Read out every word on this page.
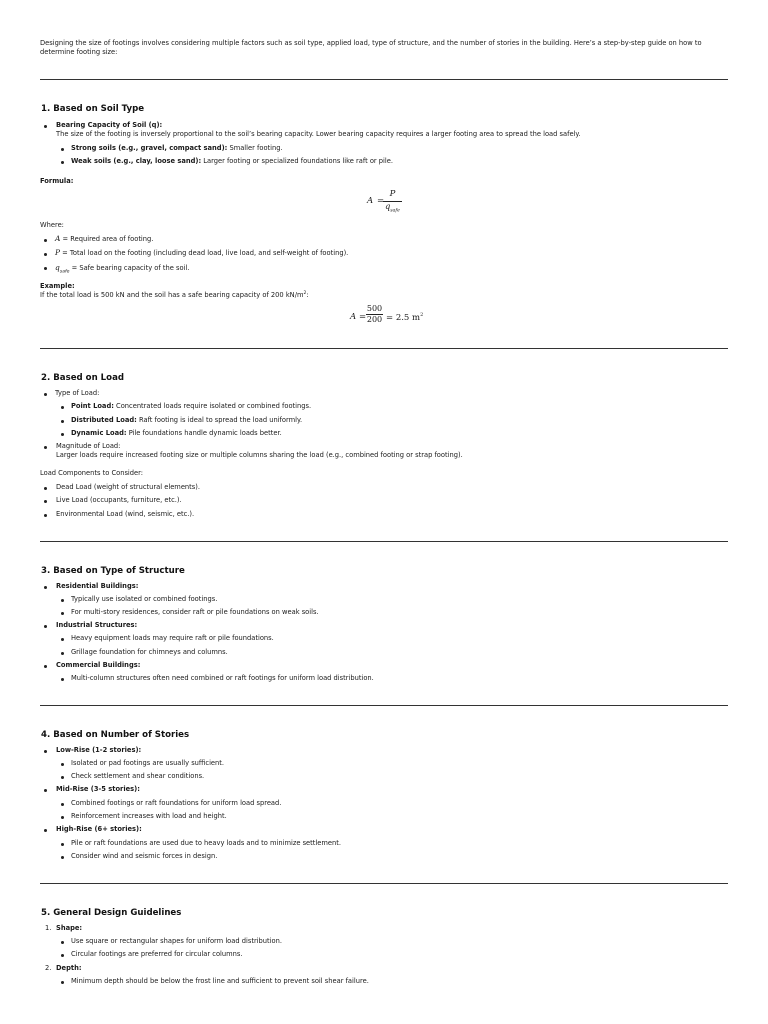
Designing the size of footings involves considering multiple factors such as soil type, applied load, type of structure, and the number of stories in the building. Here’s a step-by-step guide on how to determine footing size:

1. Based on Soil Type
Bearing Capacity of Soil (q):
The size of the footing is inversely proportional to the soil’s bearing capacity. Lower bearing capacity requires a larger footing area to spread the load safely.
Strong soils (e.g., gravel, compact sand): Smaller footing.
Weak soils (e.g., clay, loose sand): Larger footing or specialized foundations like raft or pile.
Formula:
A =
P
$q_{safe}$
Where:
A = Required area of footing.
P = Total load on the footing (including dead load, live load, and self-weight of footing).
$q_{safe}$ = Safe bearing capacity of the soil.
Example:
If the total load is 500 kN and the soil has a safe bearing capacity of 200 $kN/m^2$:
A =
500
200 = 2.5 $m^2$
2. Based on Load
Type of Load:
Point Load: Concentrated loads require isolated or combined footings.
Distributed Load: Raft footing is ideal to spread the load uniformly.
Dynamic Load: Pile foundations handle dynamic loads better.
Magnitude of Load:
Larger loads require increased footing size or multiple columns sharing the load (e.g., combined footing or strap footing).
Load Components to Consider:
Dead Load (weight of structural elements).
Live Load (occupants, furniture, etc.).
Environmental Load (wind, seismic, etc.).
3. Based on Type of Structure
Residential Buildings:
Typically use isolated or combined footings.
For multi-story residences, consider raft or pile foundations on weak soils.
Industrial Structures:
Heavy equipment loads may require raft or pile foundations.
Grillage foundation for chimneys and columns.
Commercial Buildings:
Multi-column structures often need combined or raft footings for uniform load distribution.
4. Based on Number of Stories
Low-Rise (1-2 stories):
Isolated or pad footings are usually sufficient.
Check settlement and shear conditions.
Mid-Rise (3-5 stories):
Combined footings or raft foundations for uniform load spread.
Reinforcement increases with load and height.
High-Rise (6+ stories):
Pile or raft foundations are used due to heavy loads and to minimize settlement.
Consider wind and seismic forces in design.
5. General Design Guidelines
1. Shape:
Use square or rectangular shapes for uniform load distribution.
Circular footings are preferred for circular columns.
2. Depth:
Minimum depth should be below the frost line and sufficient to prevent soil shear failure.
